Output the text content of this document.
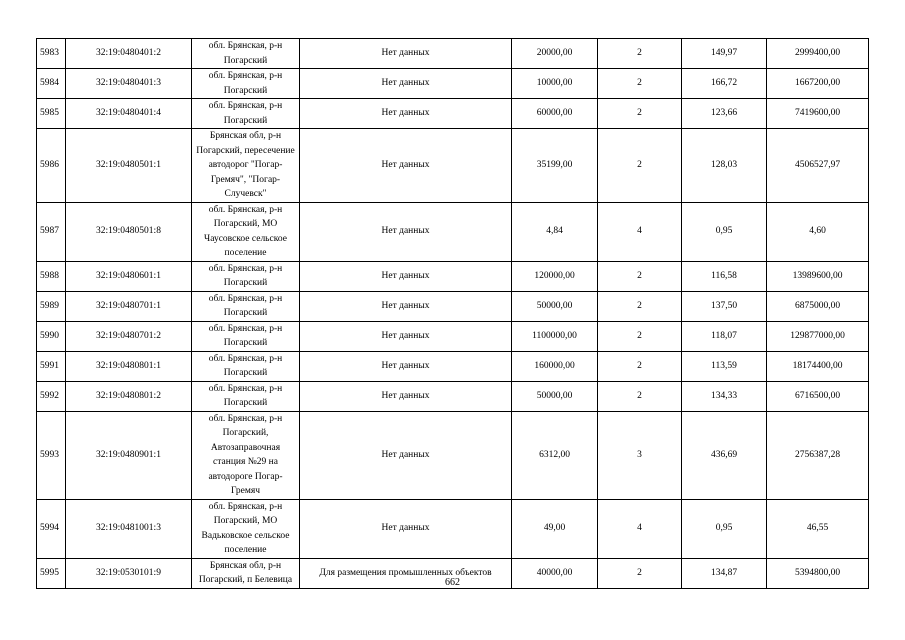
5983	32:19:0480401:2	обл. Брянская, р-н Погарский	Нет данных	20000,00	2	149,97	2999400,00
5984	32:19:0480401:3	обл. Брянская, р-н Погарский	Нет данных	10000,00	2	166,72	1667200,00
5985	32:19:0480401:4	обл. Брянская, р-н Погарский	Нет данных	60000,00	2	123,66	7419600,00
5986	32:19:0480501:1	Брянская обл, р-н Погарский, пересечение автодорог "Погар-Гремяч", "Погар-Случевск"	Нет данных	35199,00	2	128,03	4506527,97
5987	32:19:0480501:8	обл. Брянская, р-н Погарский, МО Чаусовское сельское поселение	Нет данных	4,84	4	0,95	4,60
5988	32:19:0480601:1	обл. Брянская, р-н Погарский	Нет данных	120000,00	2	116,58	13989600,00
5989	32:19:0480701:1	обл. Брянская, р-н Погарский	Нет данных	50000,00	2	137,50	6875000,00
5990	32:19:0480701:2	обл. Брянская, р-н Погарский	Нет данных	1100000,00	2	118,07	129877000,00
5991	32:19:0480801:1	обл. Брянская, р-н Погарский	Нет данных	160000,00	2	113,59	18174400,00
5992	32:19:0480801:2	обл. Брянская, р-н Погарский	Нет данных	50000,00	2	134,33	6716500,00
5993	32:19:0480901:1	обл. Брянская, р-н Погарский, Автозаправочная станция №29 на автодороге Погар-Гремяч	Нет данных	6312,00	3	436,69	2756387,28
5994	32:19:0481001:3	обл. Брянская, р-н Погарский, МО Вадьковское сельское поселение	Нет данных	49,00	4	0,95	46,55
5995	32:19:0530101:9	Брянская обл, р-н Погарский, п Белевица	Для размещения промышленных объектов	40000,00	2	134,87	5394800,00
662
